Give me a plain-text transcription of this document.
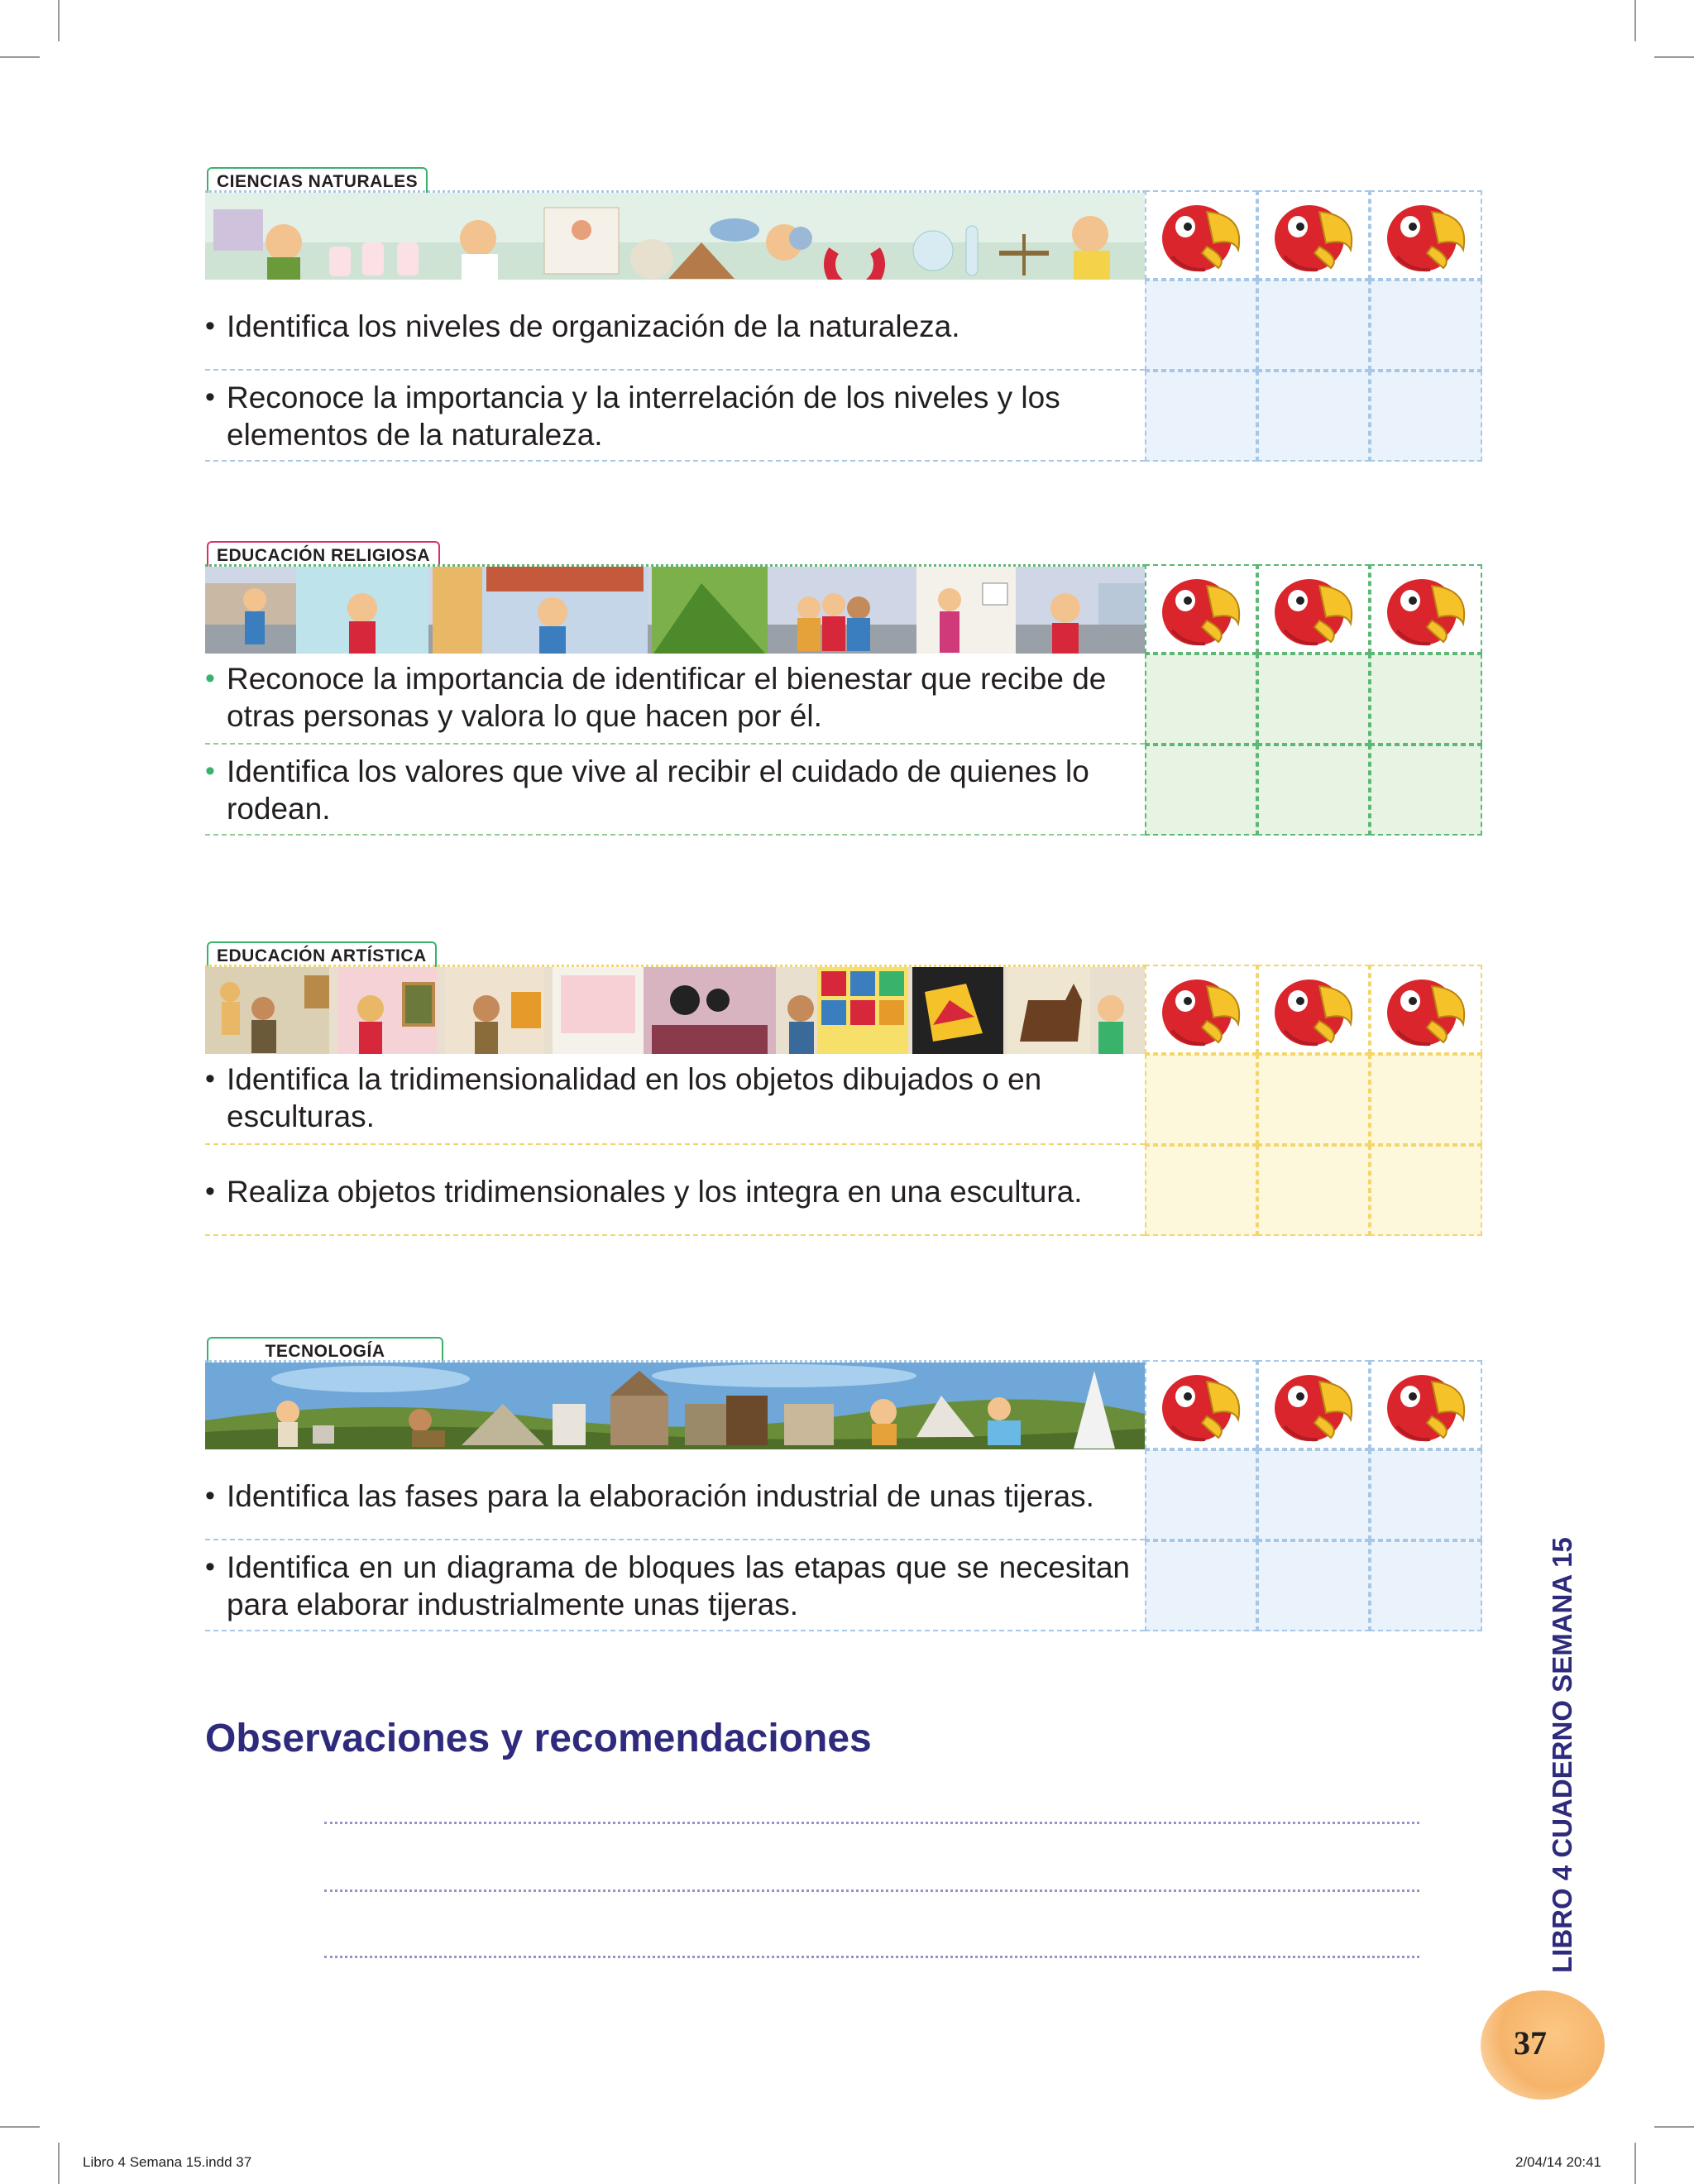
CIENCIAS NATURALES
• Identifica los niveles de organización de la naturaleza.
• Reconoce la importancia y la interrelación de los niveles y los elementos de la naturaleza.
EDUCACIÓN RELIGIOSA
• Reconoce la importancia de identificar el bienestar que recibe de otras personas y valora lo que hacen por él.
• Identifica los valores que vive al recibir el cuidado de quienes lo rodean.
EDUCACIÓN ARTÍSTICA
• Identifica la tridimensionalidad en los objetos dibujados o en esculturas.
• Realiza objetos tridimensionales y los integra en una escultura.
TECNOLOGÍA
• Identifica las fases para la elaboración industrial de unas tijeras.
• Identifica en un diagrama de bloques las etapas que se necesitan para elaborar industrialmente unas tijeras.
Observaciones y recomendaciones	LIBRO 4 CUADERNO SEMANA 15
37
Libro 4 Semana 15.indd 37	2/04/14 20:41
